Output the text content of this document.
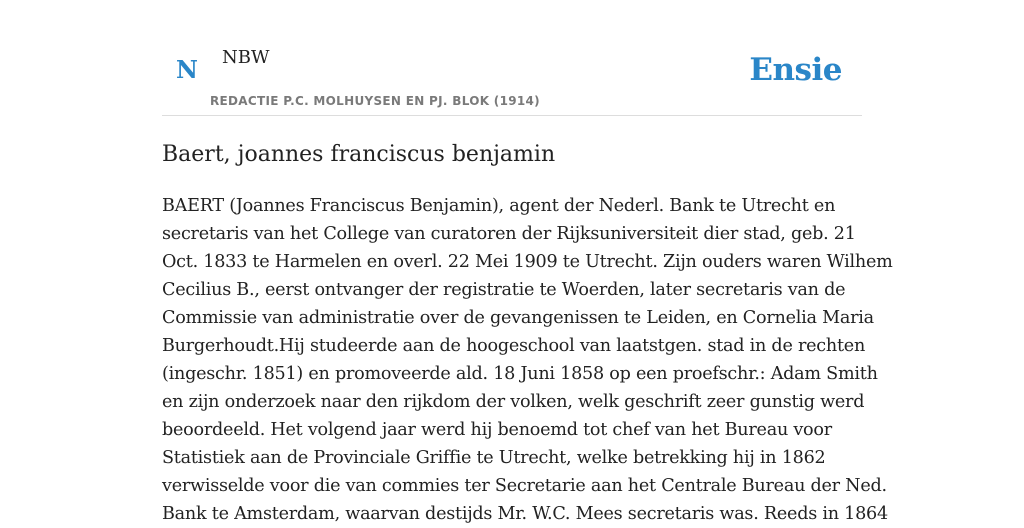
N NBW
REDACTIE P.C. MOLHUYSEN EN PJ. BLOK (1914)
Ensie
Baert, joannes franciscus benjamin

BAERT (Joannes Franciscus Benjamin), agent der Nederl. Bank te Utrecht en
secretaris van het College van curatoren der Rijksuniversiteit dier stad, geb. 21
Oct. 1833 te Harmelen en overl. 22 Mei 1909 te Utrecht. Zijn ouders waren Wilhem
Cecilius B., eerst ontvanger der registratie te Woerden, later secretaris van de
Commissie van administratie over de gevangenissen te Leiden, en Cornelia Maria
Burgerhoudt.Hij studeerde aan de hoogeschool van laatstgen. stad in de rechten
(ingeschr. 1851) en promoveerde ald. 18 Juni 1858 op een proefschr.: Adam Smith
en zijn onderzoek naar den rijkdom der volken, welk geschrift zeer gunstig werd
beoordeeld. Het volgend jaar werd hij benoemd tot chef van het Bureau voor
Statistiek aan de Provinciale Griffie te Utrecht, welke betrekking hij in 1862
verwisselde voor die van commies ter Secretarie aan het Centrale Bureau der Ned.
Bank te Amsterdam, waarvan destijds Mr. W.C. Mees secretaris was. Reeds in 1864
